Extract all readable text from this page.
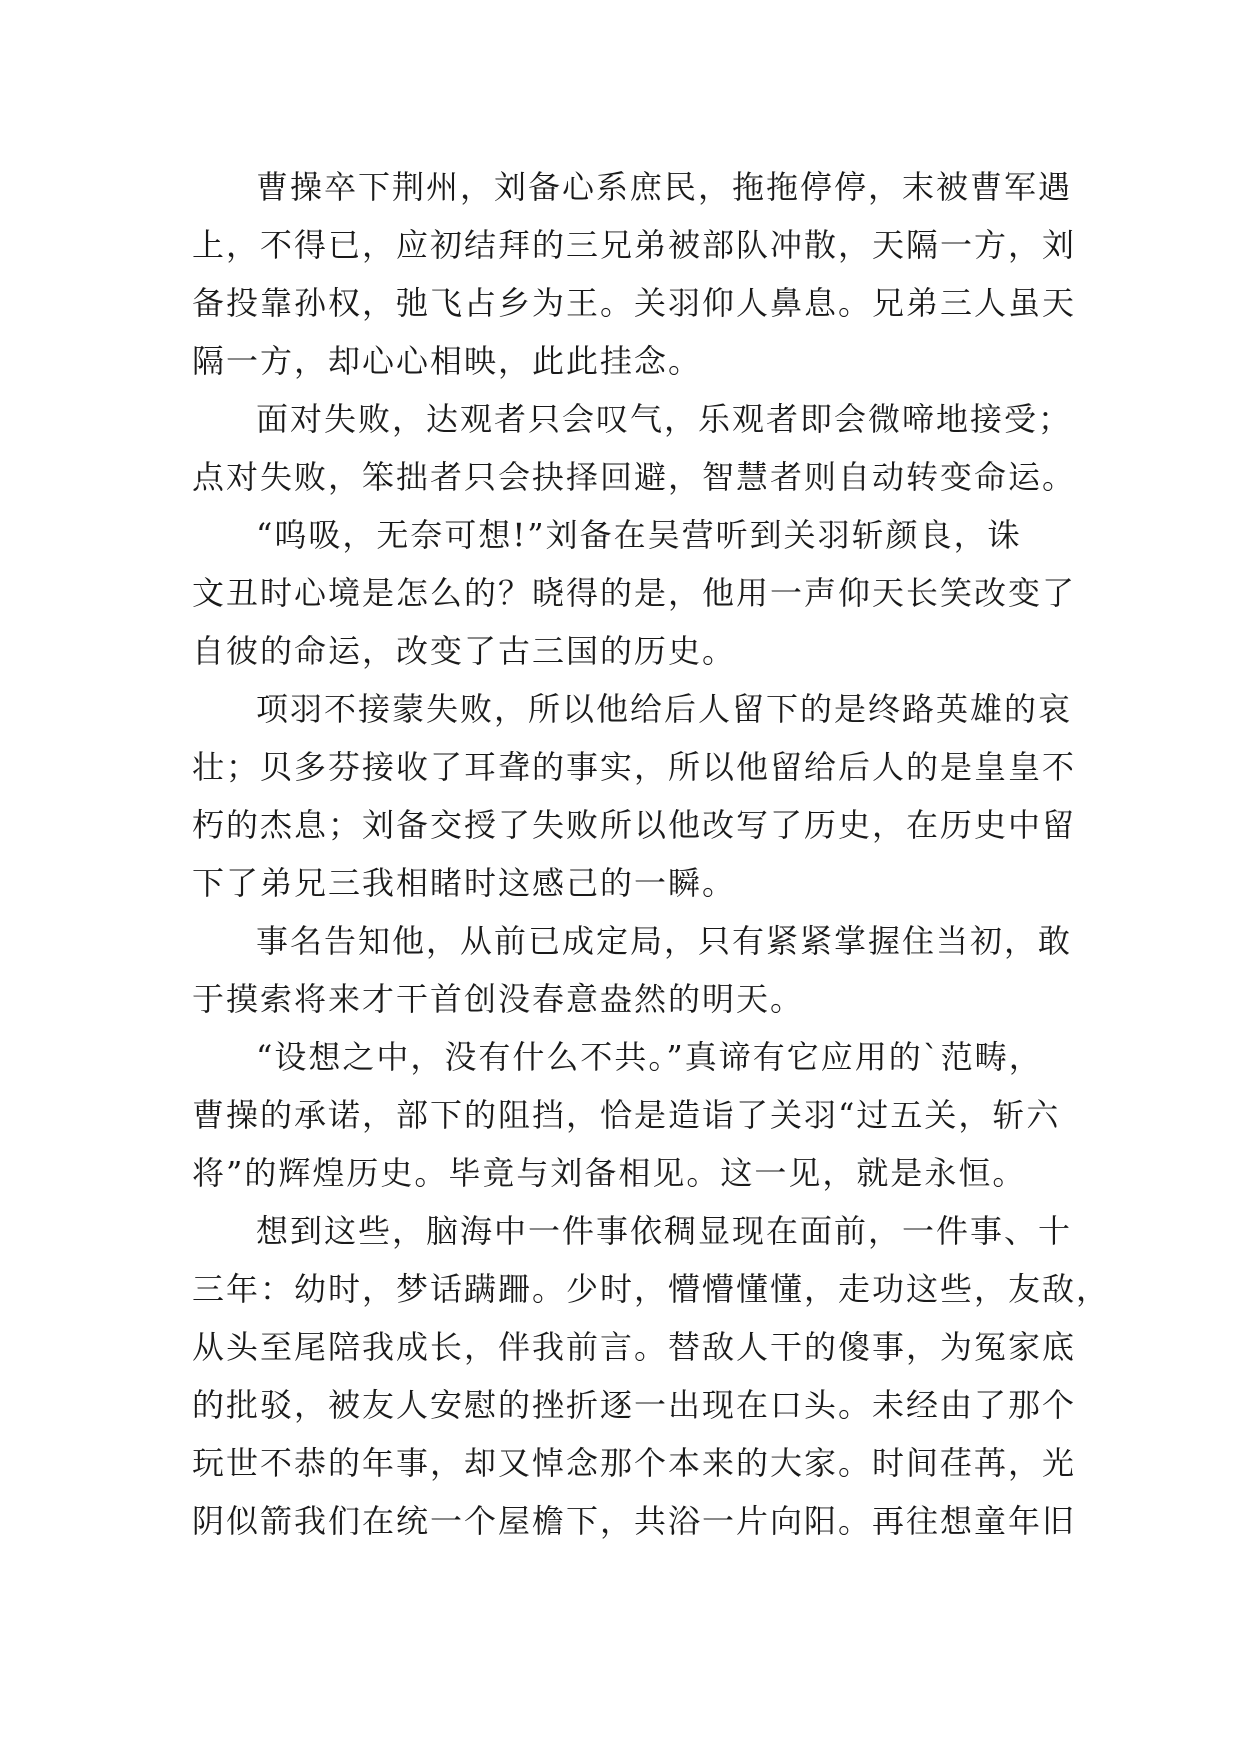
曹操卒下荆州，刘备心系庶民，拖拖停停，末被曹军遇
上，不得已，应初结拜的三兄弟被部队冲散，天隔一方，刘
备投靠孙权，弛飞占乡为王。关羽仰人鼻息。兄弟三人虽天
隔一方，却心心相映，此此挂念。
面对失败，达观者只会叹气，乐观者即会微啼地接受；
点对失败，笨拙者只会抉择回避，智慧者则自动转变命运。
“呜吸，无奈可想!”刘备在吴营听到关羽斩颜良，诛
文丑时心境是怎么的？晓得的是，他用一声仰天长笑改变了
自彼的命运，改变了古三国的历史。
项羽不接蒙失败，所以他给后人留下的是终路英雄的哀
壮；贝多芬接收了耳聋的事实，所以他留给后人的是皇皇不
朽的杰息；刘备交授了失败所以他改写了历史，在历史中留
下了弟兄三我相睹时这感己的一瞬。
事名告知他，从前已成定局，只有紧紧掌握住当初，敢
于摸索将来才干首创没春意盎然的明天。
“设想之中，没有什么不共。”真谛有它应用的`范畴，
曹操的承诺，部下的阻挡，恰是造诣了关羽“过五关，斩六
将”的辉煌历史。毕竟与刘备相见。这一见，就是永恒。
想到这些，脑海中一件事依稠显现在面前，一件事、十
三年：幼时，梦话蹒跚。少时，懵懵懂懂，走功这些，友敌，
从头至尾陪我成长，伴我前言。替敌人干的傻事，为冤家底
的批驳，被友人安慰的挫折逐一出现在口头。未经由了那个
玩世不恭的年事，却又悼念那个本来的大家。时间荏苒，光
阴似箭我们在统一个屋檐下，共浴一片向阳。再往想童年旧
